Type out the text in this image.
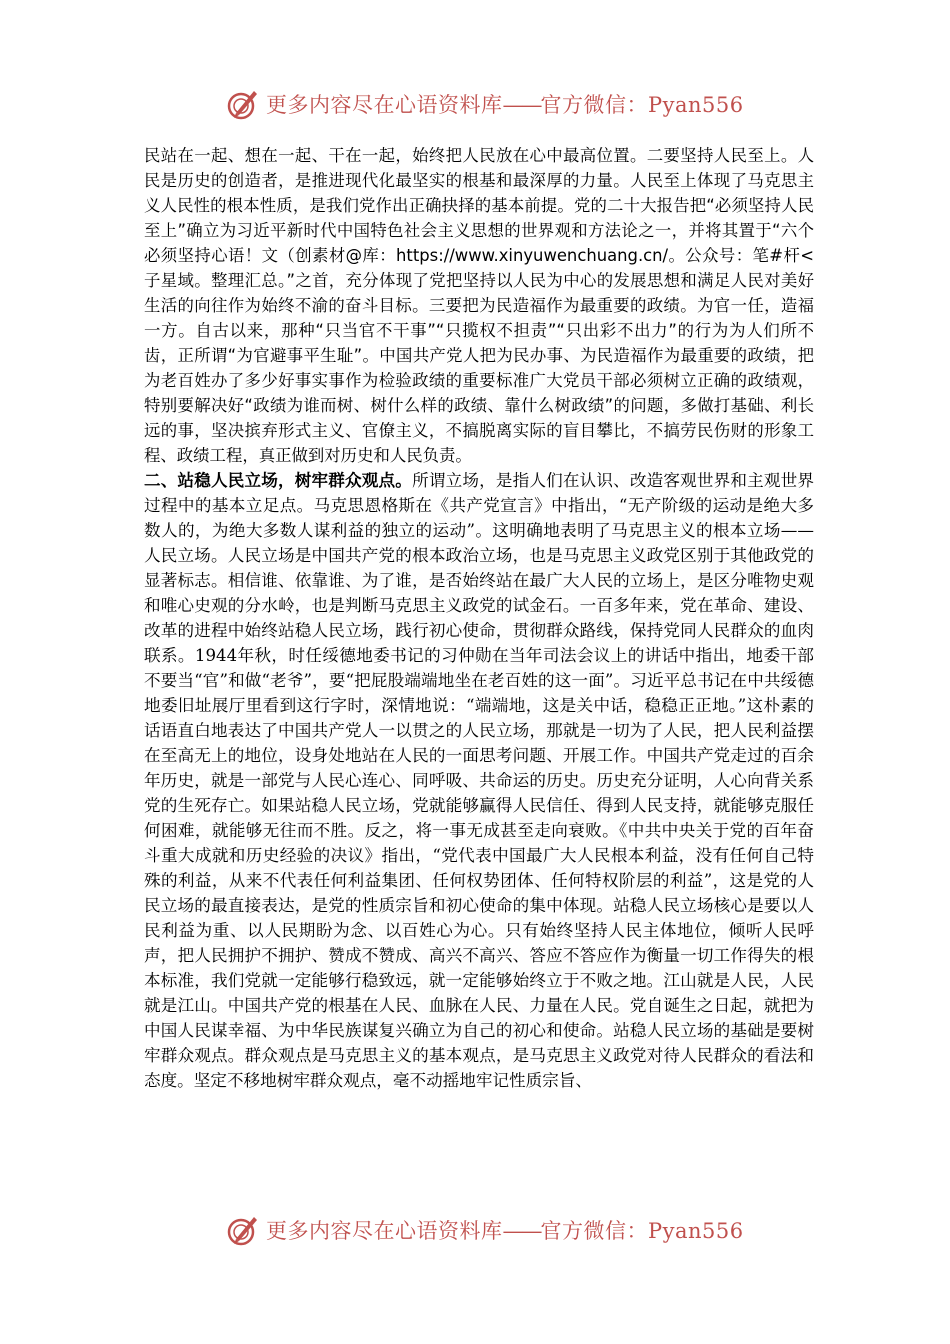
更多内容尽在心语资料库——官方微信：Pyan556

民站在一起、想在一起、干在一起，始终把人民放在心中最高位置。二要坚持人民至上。人民是历史的创造者，是推进现代化最坚实的根基和最深厚的力量。人民至上体现了马克思主义人民性的根本性质，是我们党作出正确抉择的基本前提。党的二十大报告把“必须坚持人民至上”确立为习近平新时代中国特色社会主义思想的世界观和方法论之一，并将其置于“六个必须坚持心语！文（创素材@库：https://www.xinyuwenchuang.cn/。公众号：笔#杆<子星域。整理汇总。”之首，充分体现了党把坚持以人民为中心的发展思想和满足人民对美好生活的向往作为始终不渝的奋斗目标。三要把为民造福作为最重要的政绩。为官一任，造福一方。自古以来，那种“只当官不干事”“只揽权不担责”“只出彩不出力”的行为为人们所不齿，正所谓“为官避事平生耻”。中国共产党人把为民办事、为民造福作为最重要的政绩，把为老百姓办了多少好事实事作为检验政绩的重要标准广大党员干部必须树立正确的政绩观，特别要解决好“政绩为谁而树、树什么样的政绩、靠什么树政绩”的问题，多做打基础、利长远的事，坚决摈弃形式主义、官僚主义，不搞脱离实际的盲目攀比，不搞劳民伤财的形象工程、政绩工程，真正做到对历史和人民负责。

二、站稳人民立场，树牢群众观点。所谓立场，是指人们在认识、改造客观世界和主观世界过程中的基本立足点。马克思恩格斯在《共产党宣言》中指出，“无产阶级的运动是绝大多数人的，为绝大多数人谋利益的独立的运动”。这明确地表明了马克思主义的根本立场——人民立场。人民立场是中国共产党的根本政治立场，也是马克思主义政党区别于其他政党的显著标志。相信谁、依靠谁、为了谁，是否始终站在最广大人民的立场上，是区分唯物史观和唯心史观的分水岭，也是判断马克思主义政党的试金石。一百多年来，党在革命、建设、改革的进程中始终站稳人民立场，践行初心使命，贯彻群众路线，保持党同人民群众的血肉联系。1944年秋，时任绥德地委书记的习仲勋在当年司法会议上的讲话中指出，地委干部不要当“官”和做“老爷”，要“把屁股端端地坐在老百姓的这一面”。习近平总书记在中共绥德地委旧址展厅里看到这行字时，深情地说：“端端地，这是关中话，稳稳正正地。”这朴素的话语直白地表达了中国共产党人一以贯之的人民立场，那就是一切为了人民，把人民利益摆在至高无上的地位，设身处地站在人民的一面思考问题、开展工作。中国共产党走过的百余年历史，就是一部党与人民心连心、同呼吸、共命运的历史。历史充分证明，人心向背关系党的生死存亡。如果站稳人民立场，党就能够赢得人民信任、得到人民支持，就能够克服任何困难，就能够无往而不胜。反之，将一事无成甚至走向衰败。《中共中央关于党的百年奋斗重大成就和历史经验的决议》指出，“党代表中国最广大人民根本利益，没有任何自己特殊的利益，从来不代表任何利益集团、任何权势团体、任何特权阶层的利益”，这是党的人民立场的最直接表达，是党的性质宗旨和初心使命的集中体现。站稳人民立场核心是要以人民利益为重、以人民期盼为念、以百姓心为心。只有始终坚持人民主体地位，倾听人民呼声，把人民拥护不拥护、赞成不赞成、高兴不高兴、答应不答应作为衡量一切工作得失的根本标准，我们党就一定能够行稳致远，就一定能够始终立于不败之地。江山就是人民，人民就是江山。中国共产党的根基在人民、血脉在人民、力量在人民。党自诞生之日起，就把为中国人民谋幸福、为中华民族谋复兴确立为自己的初心和使命。站稳人民立场的基础是要树牢群众观点。群众观点是马克思主义的基本观点，是马克思主义政党对待人民群众的看法和态度。坚定不移地树牢群众观点，毫不动摇地牢记性质宗旨、

更多内容尽在心语资料库——官方微信：Pyan556
